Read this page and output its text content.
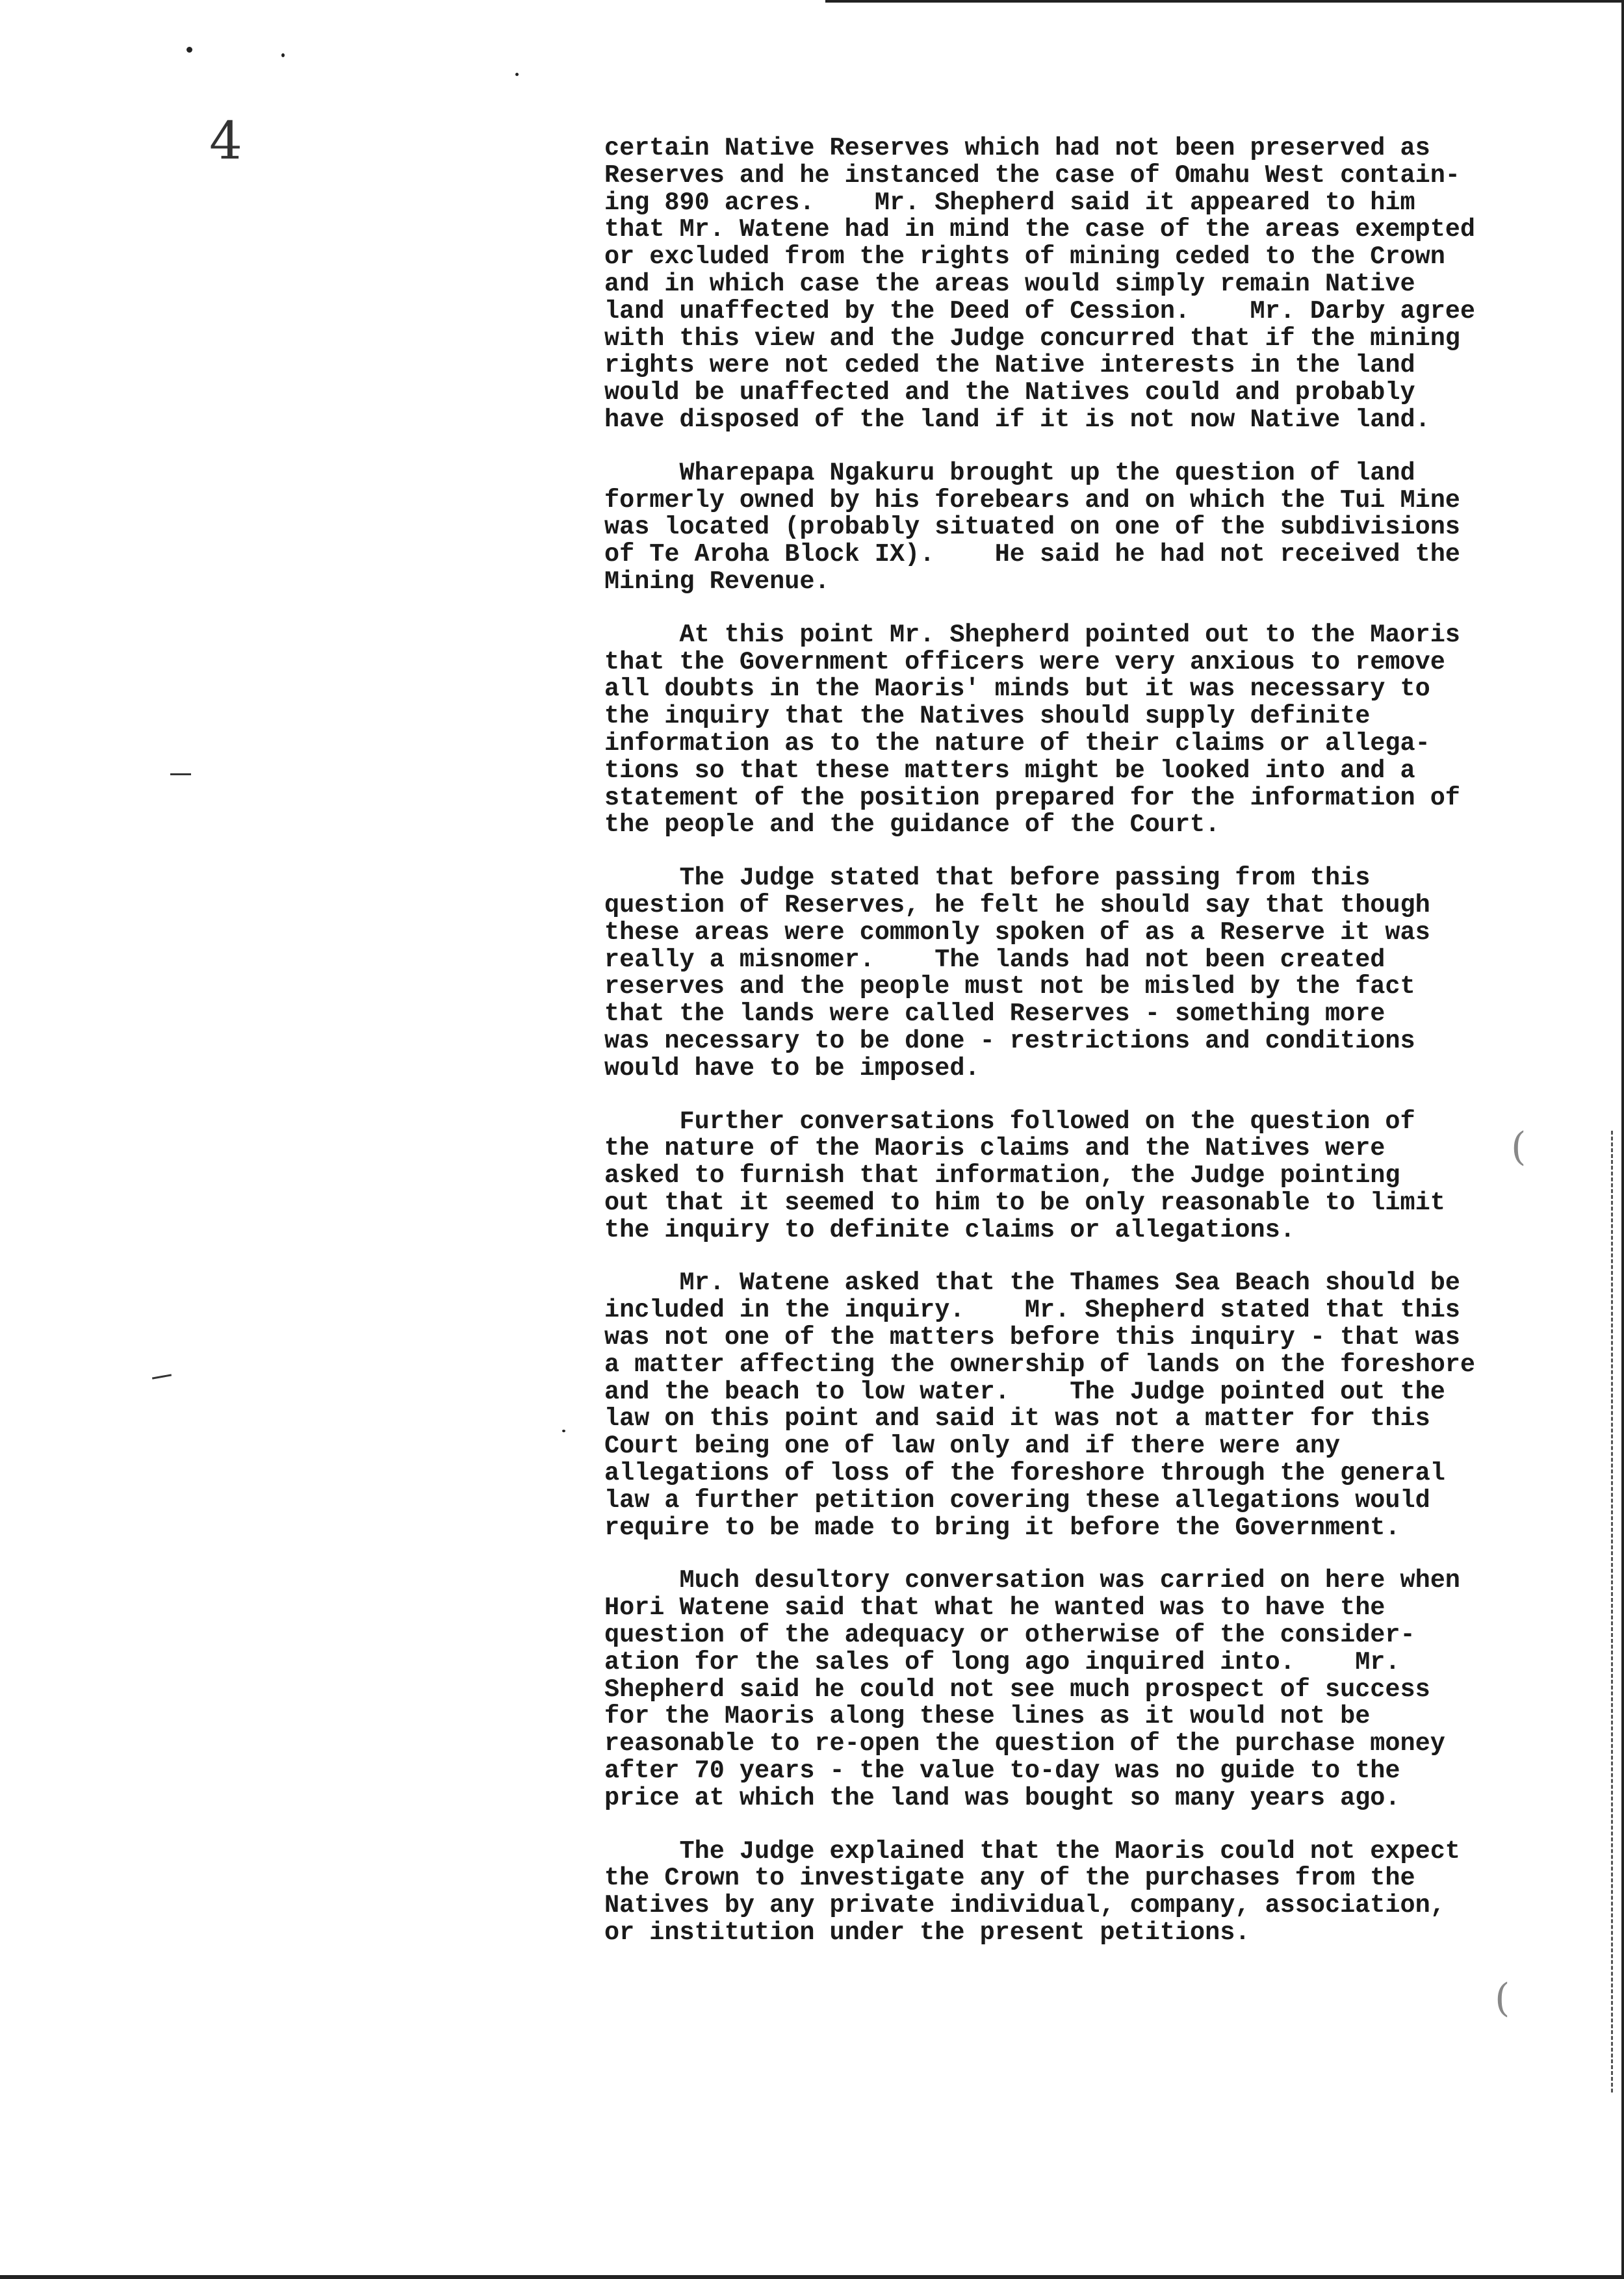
4
(
(
certain Native Reserves which had not been preserved as
Reserves and he instanced the case of Omahu West contain-
ing 890 acres.    Mr. Shepherd said it appeared to him
that Mr. Watene had in mind the case of the areas exempted
or excluded from the rights of mining ceded to the Crown
and in which case the areas would simply remain Native
land unaffected by the Deed of Cession.    Mr. Darby agree
with this view and the Judge concurred that if the mining
rights were not ceded the Native interests in the land
would be unaffected and the Natives could and probably
have disposed of the land if it is not now Native land.
Wharepapa Ngakuru brought up the question of land
formerly owned by his forebears and on which the Tui Mine
was located (probably situated on one of the subdivisions
of Te Aroha Block IX).    He said he had not received the
Mining Revenue.
At this point Mr. Shepherd pointed out to the Maoris
that the Government officers were very anxious to remove
all doubts in the Maoris' minds but it was necessary to
the inquiry that the Natives should supply definite
information as to the nature of their claims or allega-
tions so that these matters might be looked into and a
statement of the position prepared for the information of
the people and the guidance of the Court.
The Judge stated that before passing from this
question of Reserves, he felt he should say that though
these areas were commonly spoken of as a Reserve it was
really a misnomer.    The lands had not been created
reserves and the people must not be misled by the fact
that the lands were called Reserves - something more
was necessary to be done - restrictions and conditions
would have to be imposed.
Further conversations followed on the question of
the nature of the Maoris claims and the Natives were
asked to furnish that information, the Judge pointing
out that it seemed to him to be only reasonable to limit
the inquiry to definite claims or allegations.
Mr. Watene asked that the Thames Sea Beach should be
included in the inquiry.    Mr. Shepherd stated that this
was not one of the matters before this inquiry - that was
a matter affecting the ownership of lands on the foreshore
and the beach to low water.    The Judge pointed out the
law on this point and said it was not a matter for this
Court being one of law only and if there were any
allegations of loss of the foreshore through the general
law a further petition covering these allegations would
require to be made to bring it before the Government.
Much desultory conversation was carried on here when
Hori Watene said that what he wanted was to have the
question of the adequacy or otherwise of the consider-
ation for the sales of long ago inquired into.    Mr.
Shepherd said he could not see much prospect of success
for the Maoris along these lines as it would not be
reasonable to re-open the question of the purchase money
after 70 years - the value to-day was no guide to the
price at which the land was bought so many years ago.
The Judge explained that the Maoris could not expect
the Crown to investigate any of the purchases from the
Natives by any private individual, company, association,
or institution under the present petitions.
